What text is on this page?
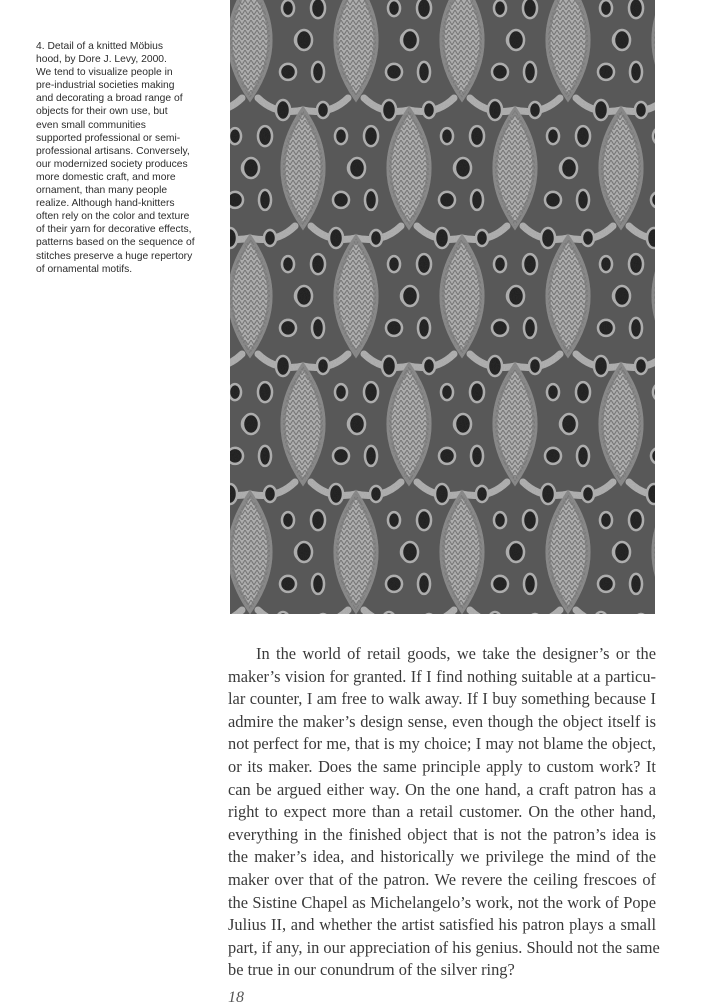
4. Detail of a knitted Möbius
hood, by Dore J. Levy, 2000.
We tend to visualize people in
pre-industrial societies making
and decorating a broad range of
objects for their own use, but
even small communities
supported professional or semi-
professional artisans. Conversely,
our modernized society produces
more domestic craft, and more
ornament, than many people
realize. Although hand-knitters
often rely on the color and texture
of their yarn for decorative effects,
patterns based on the sequence of
stitches preserve a huge repertory
of ornamental motifs.
In the world of retail goods, we take the designer’s or the
maker’s vision for granted. If I find nothing suitable at a particu-
lar counter, I am free to walk away. If I buy something because I
admire the maker’s design sense, even though the object itself is
not perfect for me, that is my choice; I may not blame the object,
or its maker. Does the same principle apply to custom work? It
can be argued either way. On the one hand, a craft patron has a
right to expect more than a retail customer. On the other hand,
everything in the finished object that is not the patron’s idea is
the maker’s idea, and historically we privilege the mind of the
maker over that of the patron. We revere the ceiling frescoes of
the Sistine Chapel as Michelangelo’s work, not the work of Pope
Julius II, and whether the artist satisfied his patron plays a small
part, if any, in our appreciation of his genius. Should not the same
be true in our conundrum of the silver ring?
18
